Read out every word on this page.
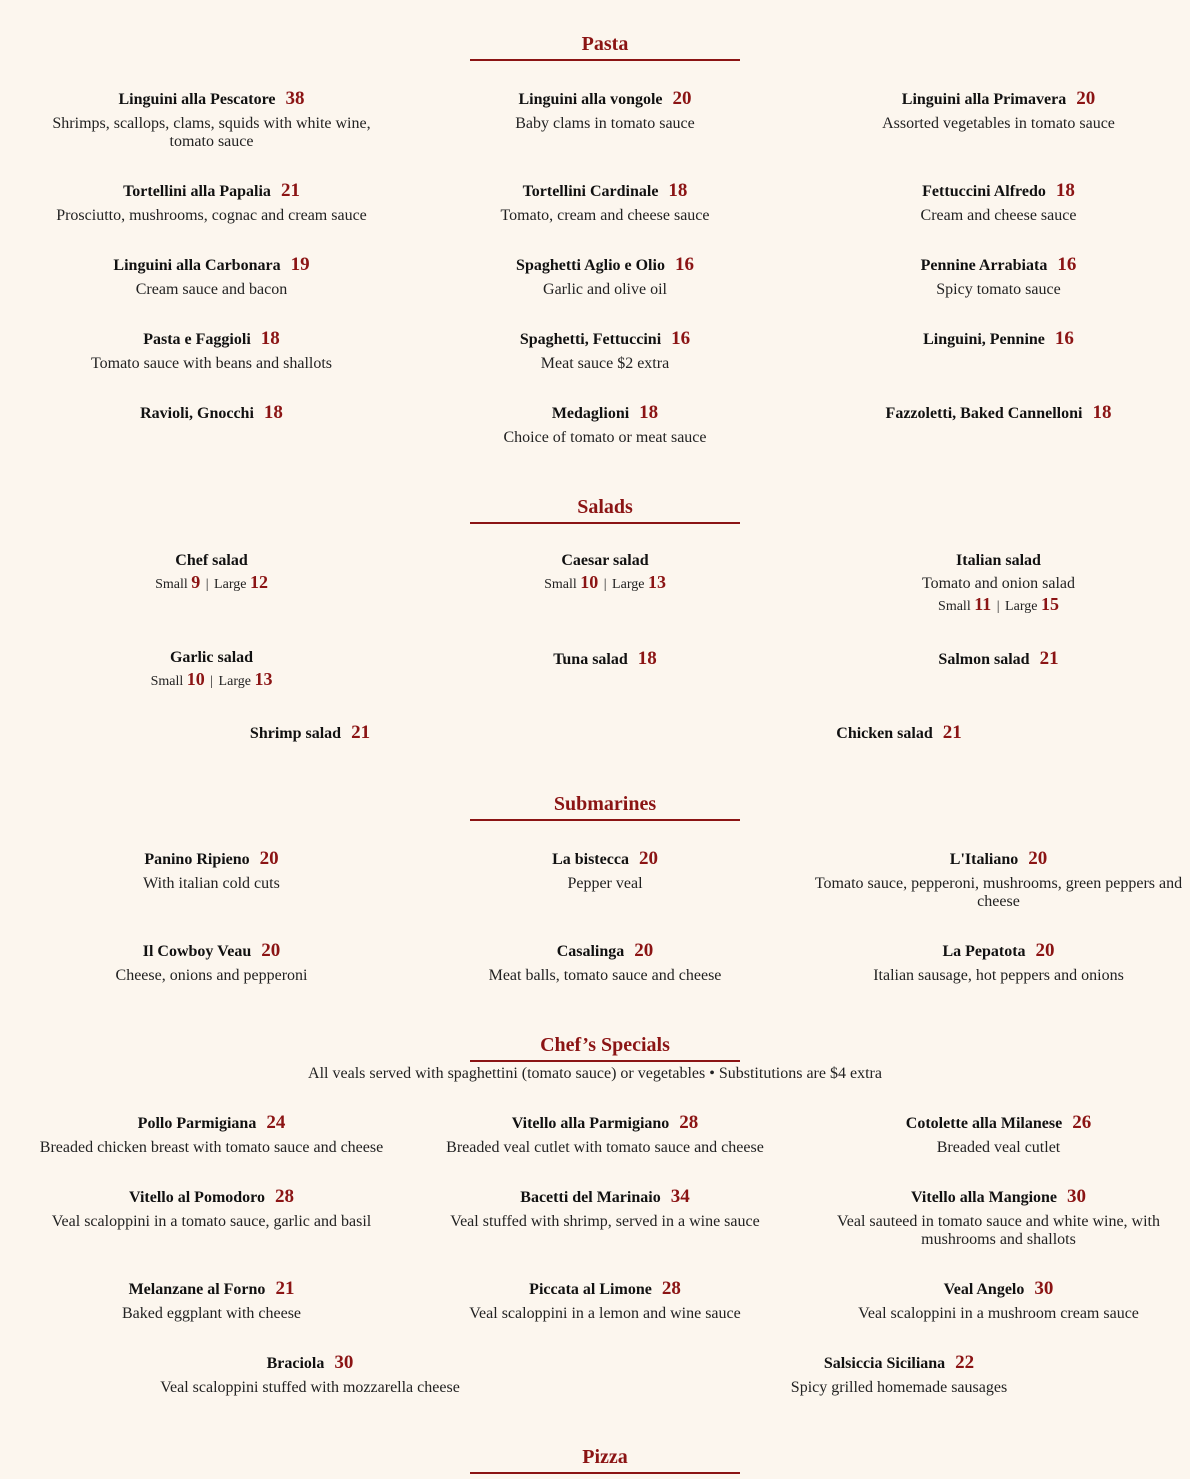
Pasta
Linguini alla Pescatore 38
Shrimps, scallops, clams, squids with white wine, tomato sauce
Linguini alla vongole 20
Baby clams in tomato sauce
Linguini alla Primavera 20
Assorted vegetables in tomato sauce
Tortellini alla Papalia 21
Prosciutto, mushrooms, cognac and cream sauce
Tortellini Cardinale 18
Tomato, cream and cheese sauce
Fettuccini Alfredo 18
Cream and cheese sauce
Linguini alla Carbonara 19
Cream sauce and bacon
Spaghetti Aglio e Olio 16
Garlic and olive oil
Pennine Arrabiata 16
Spicy tomato sauce
Pasta e Faggioli 18
Tomato sauce with beans and shallots
Spaghetti, Fettuccini 16
Meat sauce $2 extra
Linguini, Pennine 16
Ravioli, Gnocchi 18	Medaglioni 18
Choice of tomato or meat sauce
Fazzoletti, Baked Cannelloni 18
Salads
Chef salad
Small 9 | Large 12
Caesar salad
Small 10 | Large 13
Italian salad
Tomato and onion salad
Small 11 | Large 15
Garlic salad
Small 10 | Large 13
Tuna salad 18	Salmon salad 21
Shrimp salad 21	Chicken salad 21
Submarines
Panino Ripieno 20
With italian cold cuts
La bistecca 20
Pepper veal
L'Italiano 20
Tomato sauce, pepperoni, mushrooms, green peppers and cheese
Il Cowboy Veau 20
Cheese, onions and pepperoni
Casalinga 20
Meat balls, tomato sauce and cheese
La Pepatota 20
Italian sausage, hot peppers and onions
Chef’s Specials
All veals served with spaghettini (tomato sauce) or vegetables • Substitutions are $4 extra
Pollo Parmigiana 24
Breaded chicken breast with tomato sauce and cheese
Vitello alla Parmigiano 28
Breaded veal cutlet with tomato sauce and cheese
Cotolette alla Milanese 26
Breaded veal cutlet
Vitello al Pomodoro 28
Veal scaloppini in a tomato sauce, garlic and basil
Bacetti del Marinaio 34
Veal stuffed with shrimp, served in a wine sauce
Vitello alla Mangione 30
Veal sauteed in tomato sauce and white wine, with mushrooms and shallots
Melanzane al Forno 21
Baked eggplant with cheese
Piccata al Limone 28
Veal scaloppini in a lemon and wine sauce
Veal Angelo 30
Veal scaloppini in a mushroom cream sauce
Braciola 30
Veal scaloppini stuffed with mozzarella cheese
Salsiccia Siciliana 22
Spicy grilled homemade sausages
Pizza
